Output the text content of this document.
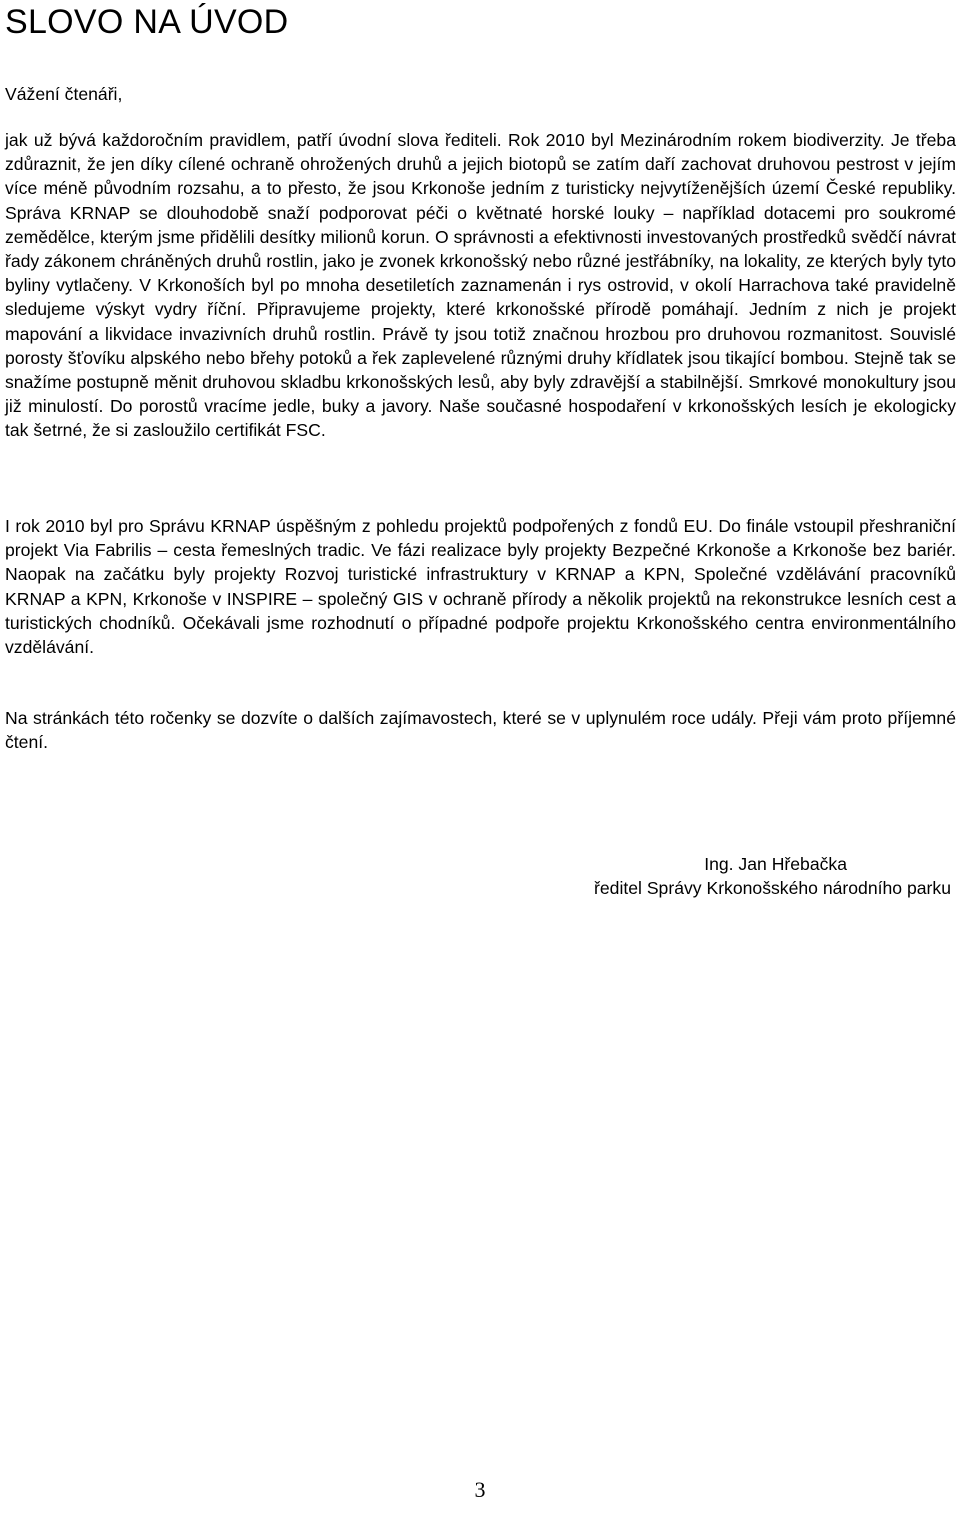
SLOVO NA ÚVOD

Vážení čtenáři,

jak už bývá každoročním pravidlem, patří úvodní slova řediteli. Rok 2010 byl Mezinárodním rokem biodiverzity. Je třeba zdůraznit, že jen díky cílené ochraně ohrožených druhů a jejich biotopů se zatím daří zachovat druhovou pestrost v jejím více méně původním rozsahu, a to přesto, že jsou Krkonoše jedním z turisticky nejvytíženějších území České republiky. Správa KRNAP se dlouhodobě snaží podporovat péči o květnaté horské louky – například dotacemi pro soukromé zemědělce, kterým jsme přidělili desítky milionů korun. O správnosti a efektivnosti investovaných prostředků svědčí návrat řady zákonem chráněných druhů rostlin, jako je zvonek krkonošský nebo různé jestřábníky, na lokality, ze kterých byly tyto byliny vytlačeny. V Krkonoších byl po mnoha desetiletích zaznamenán i rys ostrovid, v okolí Harrachova také pravidelně sledujeme výskyt vydry říční. Připravujeme projekty, které krkonošské přírodě pomáhají. Jedním z nich je projekt mapování a likvidace invazivních druhů rostlin. Právě ty jsou totiž značnou hrozbou pro druhovou rozmanitost. Souvislé porosty šťovíku alpského nebo břehy potoků a řek zaplevelené různými druhy křídlatek jsou tikající bombou. Stejně tak se snažíme postupně měnit druhovou skladbu krkonošských lesů, aby byly zdravější a stabilnější. Smrkové monokultury jsou již minulostí. Do porostů vracíme jedle, buky a javory. Naše současné hospodaření v krkonošských lesích je ekologicky tak šetrné, že si zasloužilo certifikát FSC.

I rok 2010 byl pro Správu KRNAP úspěšným z pohledu projektů podpořených z fondů EU. Do finále vstoupil přeshraniční projekt Via Fabrilis – cesta řemeslných tradic. Ve fázi realizace byly projekty Bezpečné Krkonoše a Krkonoše bez bariér. Naopak na začátku byly projekty Rozvoj turistické infrastruktury v KRNAP a KPN, Společné vzdělávání pracovníků KRNAP a KPN, Krkonoše v INSPIRE – společný GIS v ochraně přírody a několik projektů na rekonstrukce lesních cest a turistických chodníků. Očekávali jsme rozhodnutí o případné podpoře projektu Krkonošského centra environmentálního vzdělávání.

Na stránkách této ročenky se dozvíte o dalších zajímavostech, které se v uplynulém roce udály. Přeji vám proto příjemné čtení.

Ing. Jan Hřebačka
ředitel Správy Krkonošského národního parku

3
